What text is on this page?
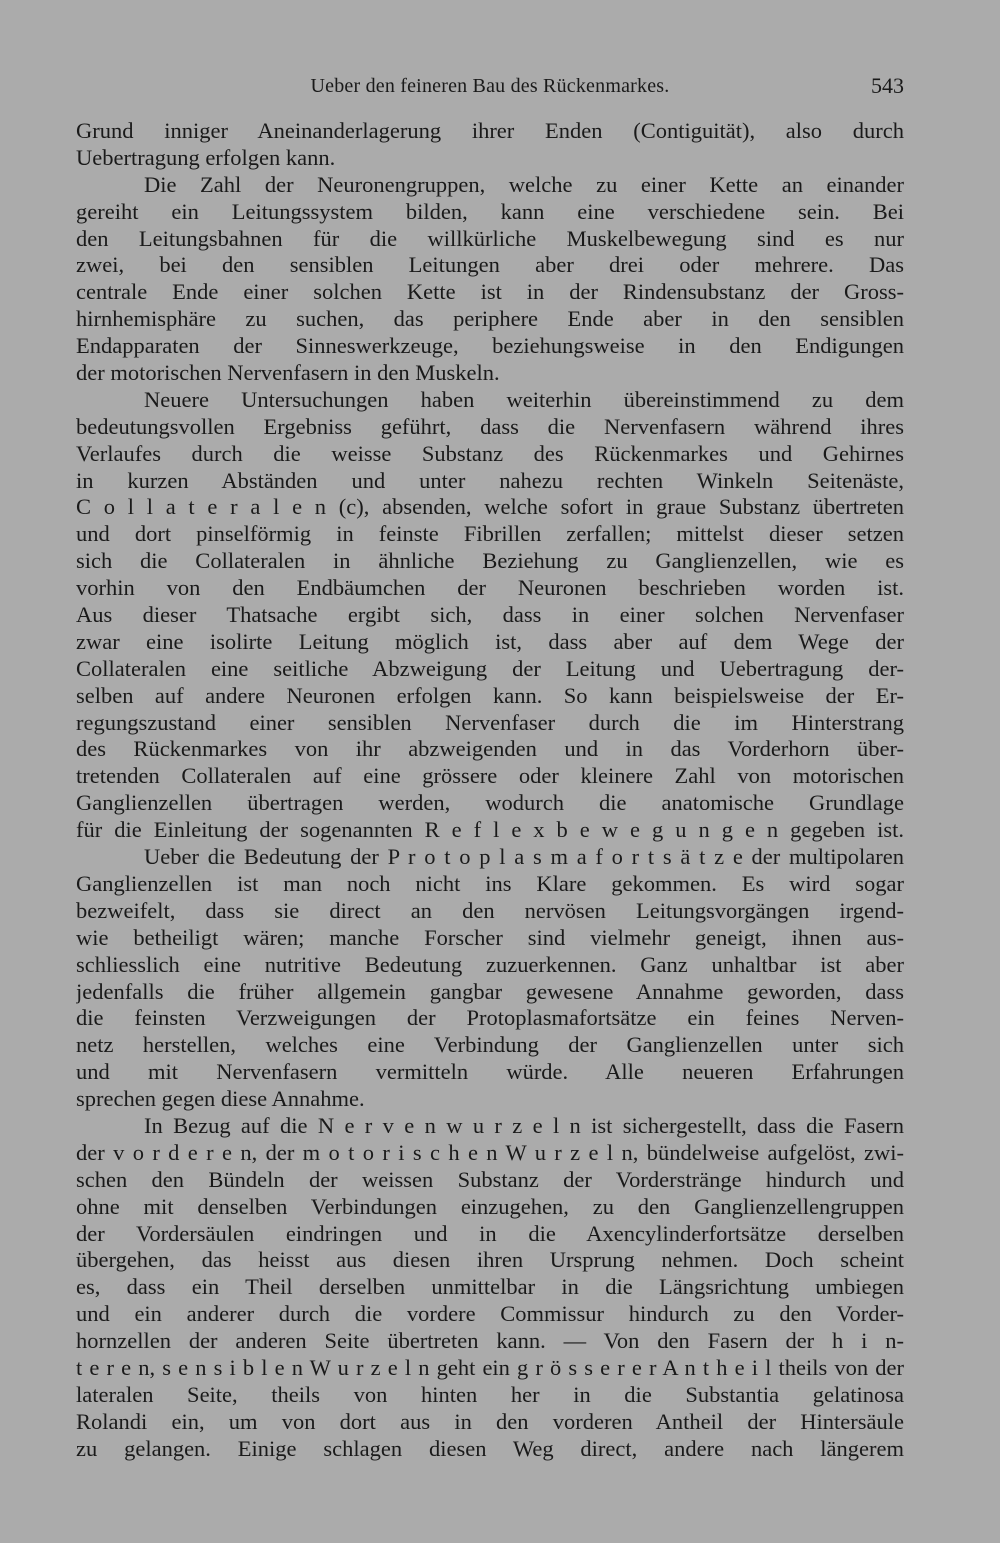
Ueber den feineren Bau des Rückenmarkes.	543
Grund inniger Aneinanderlagerung ihrer Enden (Contiguität), also durch
Uebertragung erfolgen kann.
Die Zahl der Neuronengruppen, welche zu einer Kette an einander
gereiht ein Leitungssystem bilden, kann eine verschiedene sein. Bei
den Leitungsbahnen für die willkürliche Muskelbewegung sind es nur
zwei, bei den sensiblen Leitungen aber drei oder mehrere. Das
centrale Ende einer solchen Kette ist in der Rindensubstanz der Gross-
hirnhemisphäre zu suchen, das periphere Ende aber in den sensiblen
Endapparaten der Sinneswerkzeuge, beziehungsweise in den Endigungen
der motorischen Nervenfasern in den Muskeln.
Neuere Untersuchungen haben weiterhin übereinstimmend zu dem
bedeutungsvollen Ergebniss geführt, dass die Nervenfasern während ihres
Verlaufes durch die weisse Substanz des Rückenmarkes und Gehirnes
in kurzen Abständen und unter nahezu rechten Winkeln Seitenäste,
C o l l a t e r a l e n (c), absenden, welche sofort in graue Substanz übertreten
und dort pinselförmig in feinste Fibrillen zerfallen; mittelst dieser setzen
sich die Collateralen in ähnliche Beziehung zu Ganglienzellen, wie es
vorhin von den Endbäumchen der Neuronen beschrieben worden ist.
Aus dieser Thatsache ergibt sich, dass in einer solchen Nervenfaser
zwar eine isolirte Leitung möglich ist, dass aber auf dem Wege der
Collateralen eine seitliche Abzweigung der Leitung und Uebertragung der-
selben auf andere Neuronen erfolgen kann. So kann beispielsweise der Er-
regungszustand einer sensiblen Nervenfaser durch die im Hinterstrang
des Rückenmarkes von ihr abzweigenden und in das Vorderhorn über-
tretenden Collateralen auf eine grössere oder kleinere Zahl von motorischen
Ganglienzellen übertragen werden, wodurch die anatomische Grundlage
für die Einleitung der sogenannten R e f l e x b e w e g u n g e n gegeben ist.
Ueber die Bedeutung der P r o t o p l a s m a f o r t s ä t z e der multipolaren
Ganglienzellen ist man noch nicht ins Klare gekommen. Es wird sogar
bezweifelt, dass sie direct an den nervösen Leitungsvorgängen irgend-
wie betheiligt wären; manche Forscher sind vielmehr geneigt, ihnen aus-
schliesslich eine nutritive Bedeutung zuzuerkennen. Ganz unhaltbar ist aber
jedenfalls die früher allgemein gangbar gewesene Annahme geworden, dass
die feinsten Verzweigungen der Protoplasmafortsätze ein feines Nerven-
netz herstellen, welches eine Verbindung der Ganglienzellen unter sich
und mit Nervenfasern vermitteln würde. Alle neueren Erfahrungen
sprechen gegen diese Annahme.
In Bezug auf die N e r v e n w u r z e l n ist sichergestellt, dass die Fasern
der v o r d e r e n, der m o t o r i s c h e n W u r z e l n, bündelweise aufgelöst, zwi-
schen den Bündeln der weissen Substanz der Vorderstränge hindurch und
ohne mit denselben Verbindungen einzugehen, zu den Ganglienzellengruppen
der Vordersäulen eindringen und in die Axencylinderfortsätze derselben
übergehen, das heisst aus diesen ihren Ursprung nehmen. Doch scheint
es, dass ein Theil derselben unmittelbar in die Längsrichtung umbiegen
und ein anderer durch die vordere Commissur hindurch zu den Vorder-
hornzellen der anderen Seite übertreten kann. — Von den Fasern der h i n-
t e r e n, s e n s i b l e n W u r z e l n geht ein g r ö s s e r e r A n t h e i l theils von der
lateralen Seite, theils von hinten her in die Substantia gelatinosa
Rolandi ein, um von dort aus in den vorderen Antheil der Hintersäule
zu gelangen. Einige schlagen diesen Weg direct, andere nach längerem
